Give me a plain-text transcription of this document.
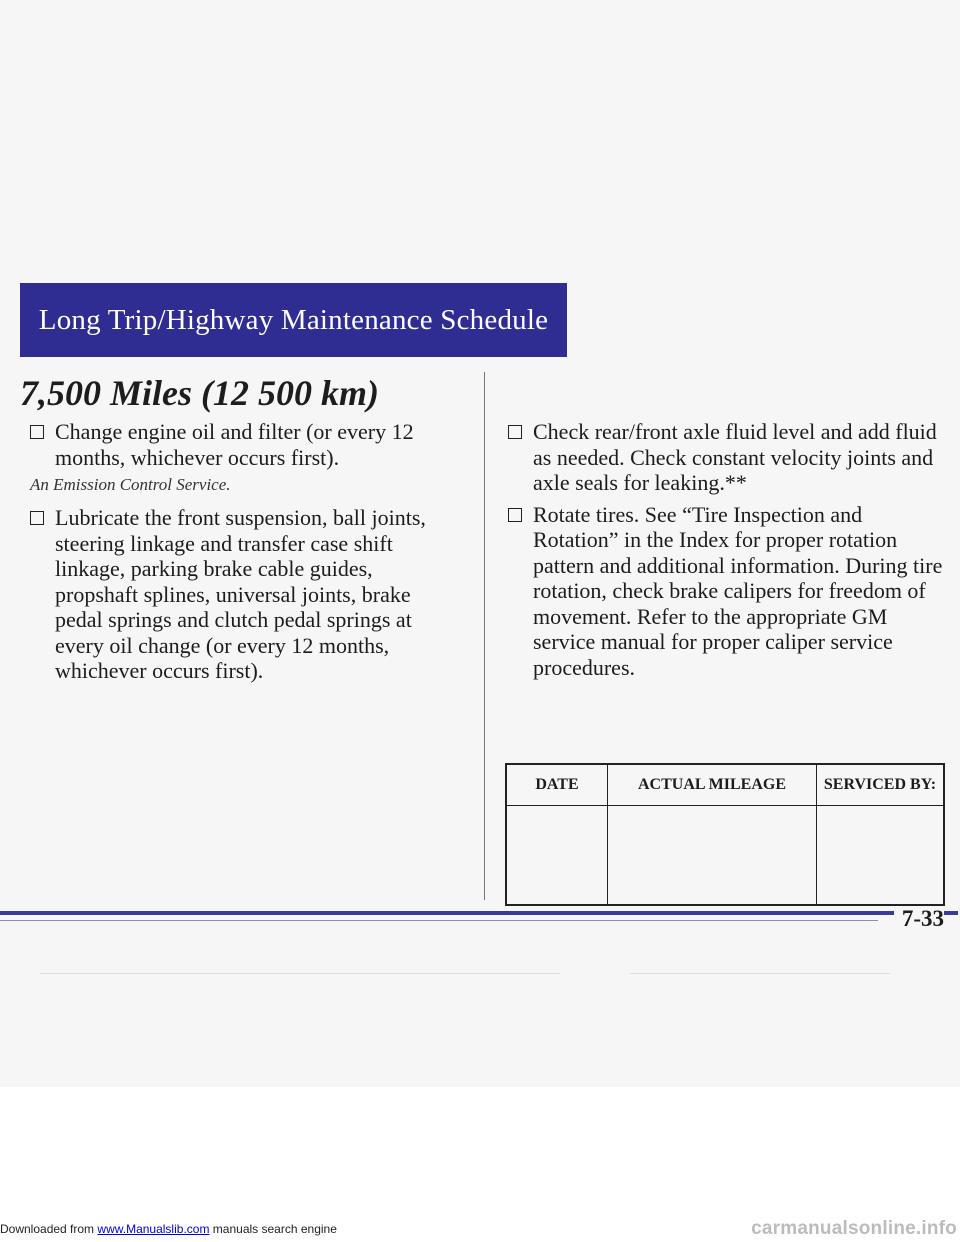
Long Trip/Highway Maintenance Schedule
7,500 Miles (12 500 km)
Change engine oil and filter (or every 12 months, whichever occurs first).
An Emission Control Service.
Lubricate the front suspension, ball joints, steering linkage and transfer case shift linkage, parking brake cable guides, propshaft splines, universal joints, brake pedal springs and clutch pedal springs at every oil change (or every 12 months, whichever occurs first).
Check rear/front axle fluid level and add fluid as needed. Check constant velocity joints and axle seals for leaking.**
Rotate tires. See “Tire Inspection and Rotation” in the Index for proper rotation pattern and additional information. During tire rotation, check brake calipers for freedom of movement. Refer to the appropriate GM service manual for proper caliper service procedures.
DATE	ACTUAL MILEAGE	SERVICED BY:

7-33
Downloaded from www.Manualslib.com manuals search engine	carmanualsonline.info
